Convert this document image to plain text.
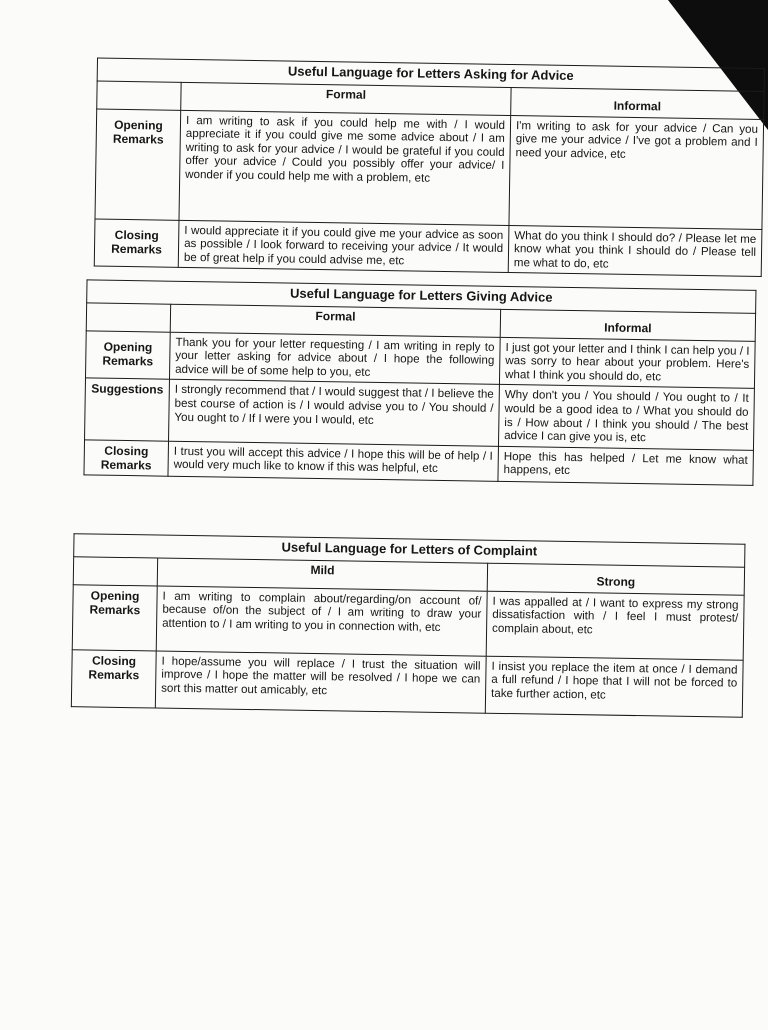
Useful Language for Letters Asking for Advice		
	Formal	Informal
Opening Remarks	I am writing to ask if you could help me with / I would appreciate it if you could give me some advice about / I am writing to ask for your advice / I would be grateful if you could offer your advice / Could you possibly offer your advice/ I wonder if you could help me with a problem, etc	I'm writing to ask for your advice / Can you give me your advice / I've got a problem and I need your advice, etc
Closing Remarks	I would appreciate it if you could give me your advice as soon as possible / I look forward to receiving your advice / It would be of great help if you could advise me, etc	What do you think I should do? / Please let me know what you think I should do / Please tell me what to do, etc
Useful Language for Letters Giving Advice		
	Formal	Informal
Opening Remarks	Thank you for your letter requesting / I am writing in reply to your letter asking for advice about / I hope the following advice will be of some help to you, etc	I just got your letter and I think I can help you / I was sorry to hear about your problem. Here's what I think you should do, etc
Suggestions	I strongly recommend that / I would suggest that / I believe the best course of action is / I would advise you to / You should / You ought to / If I were you I would, etc	Why don't you / You should / You ought to / It would be a good idea to / What you should do is / How about / I think you should / The best advice I can give you is, etc
Closing Remarks	I trust you will accept this advice / I hope this will be of help / I would very much like to know if this was helpful, etc	Hope this has helped / Let me know what happens, etc
Useful Language for Letters of Complaint		
	Mild	Strong
Opening Remarks	I am writing to complain about/regarding/on account of/ because of/on the subject of / I am writing to draw your attention to / I am writing to you in connection with, etc	I was appalled at / I want to express my strong dissatisfaction with / I feel I must protest/ complain about, etc
Closing Remarks	I hope/assume you will replace / I trust the situation will improve / I hope the matter will be resolved / I hope we can sort this matter out amicably, etc	I insist you replace the item at once / I demand a full refund / I hope that I will not be forced to take further action, etc
